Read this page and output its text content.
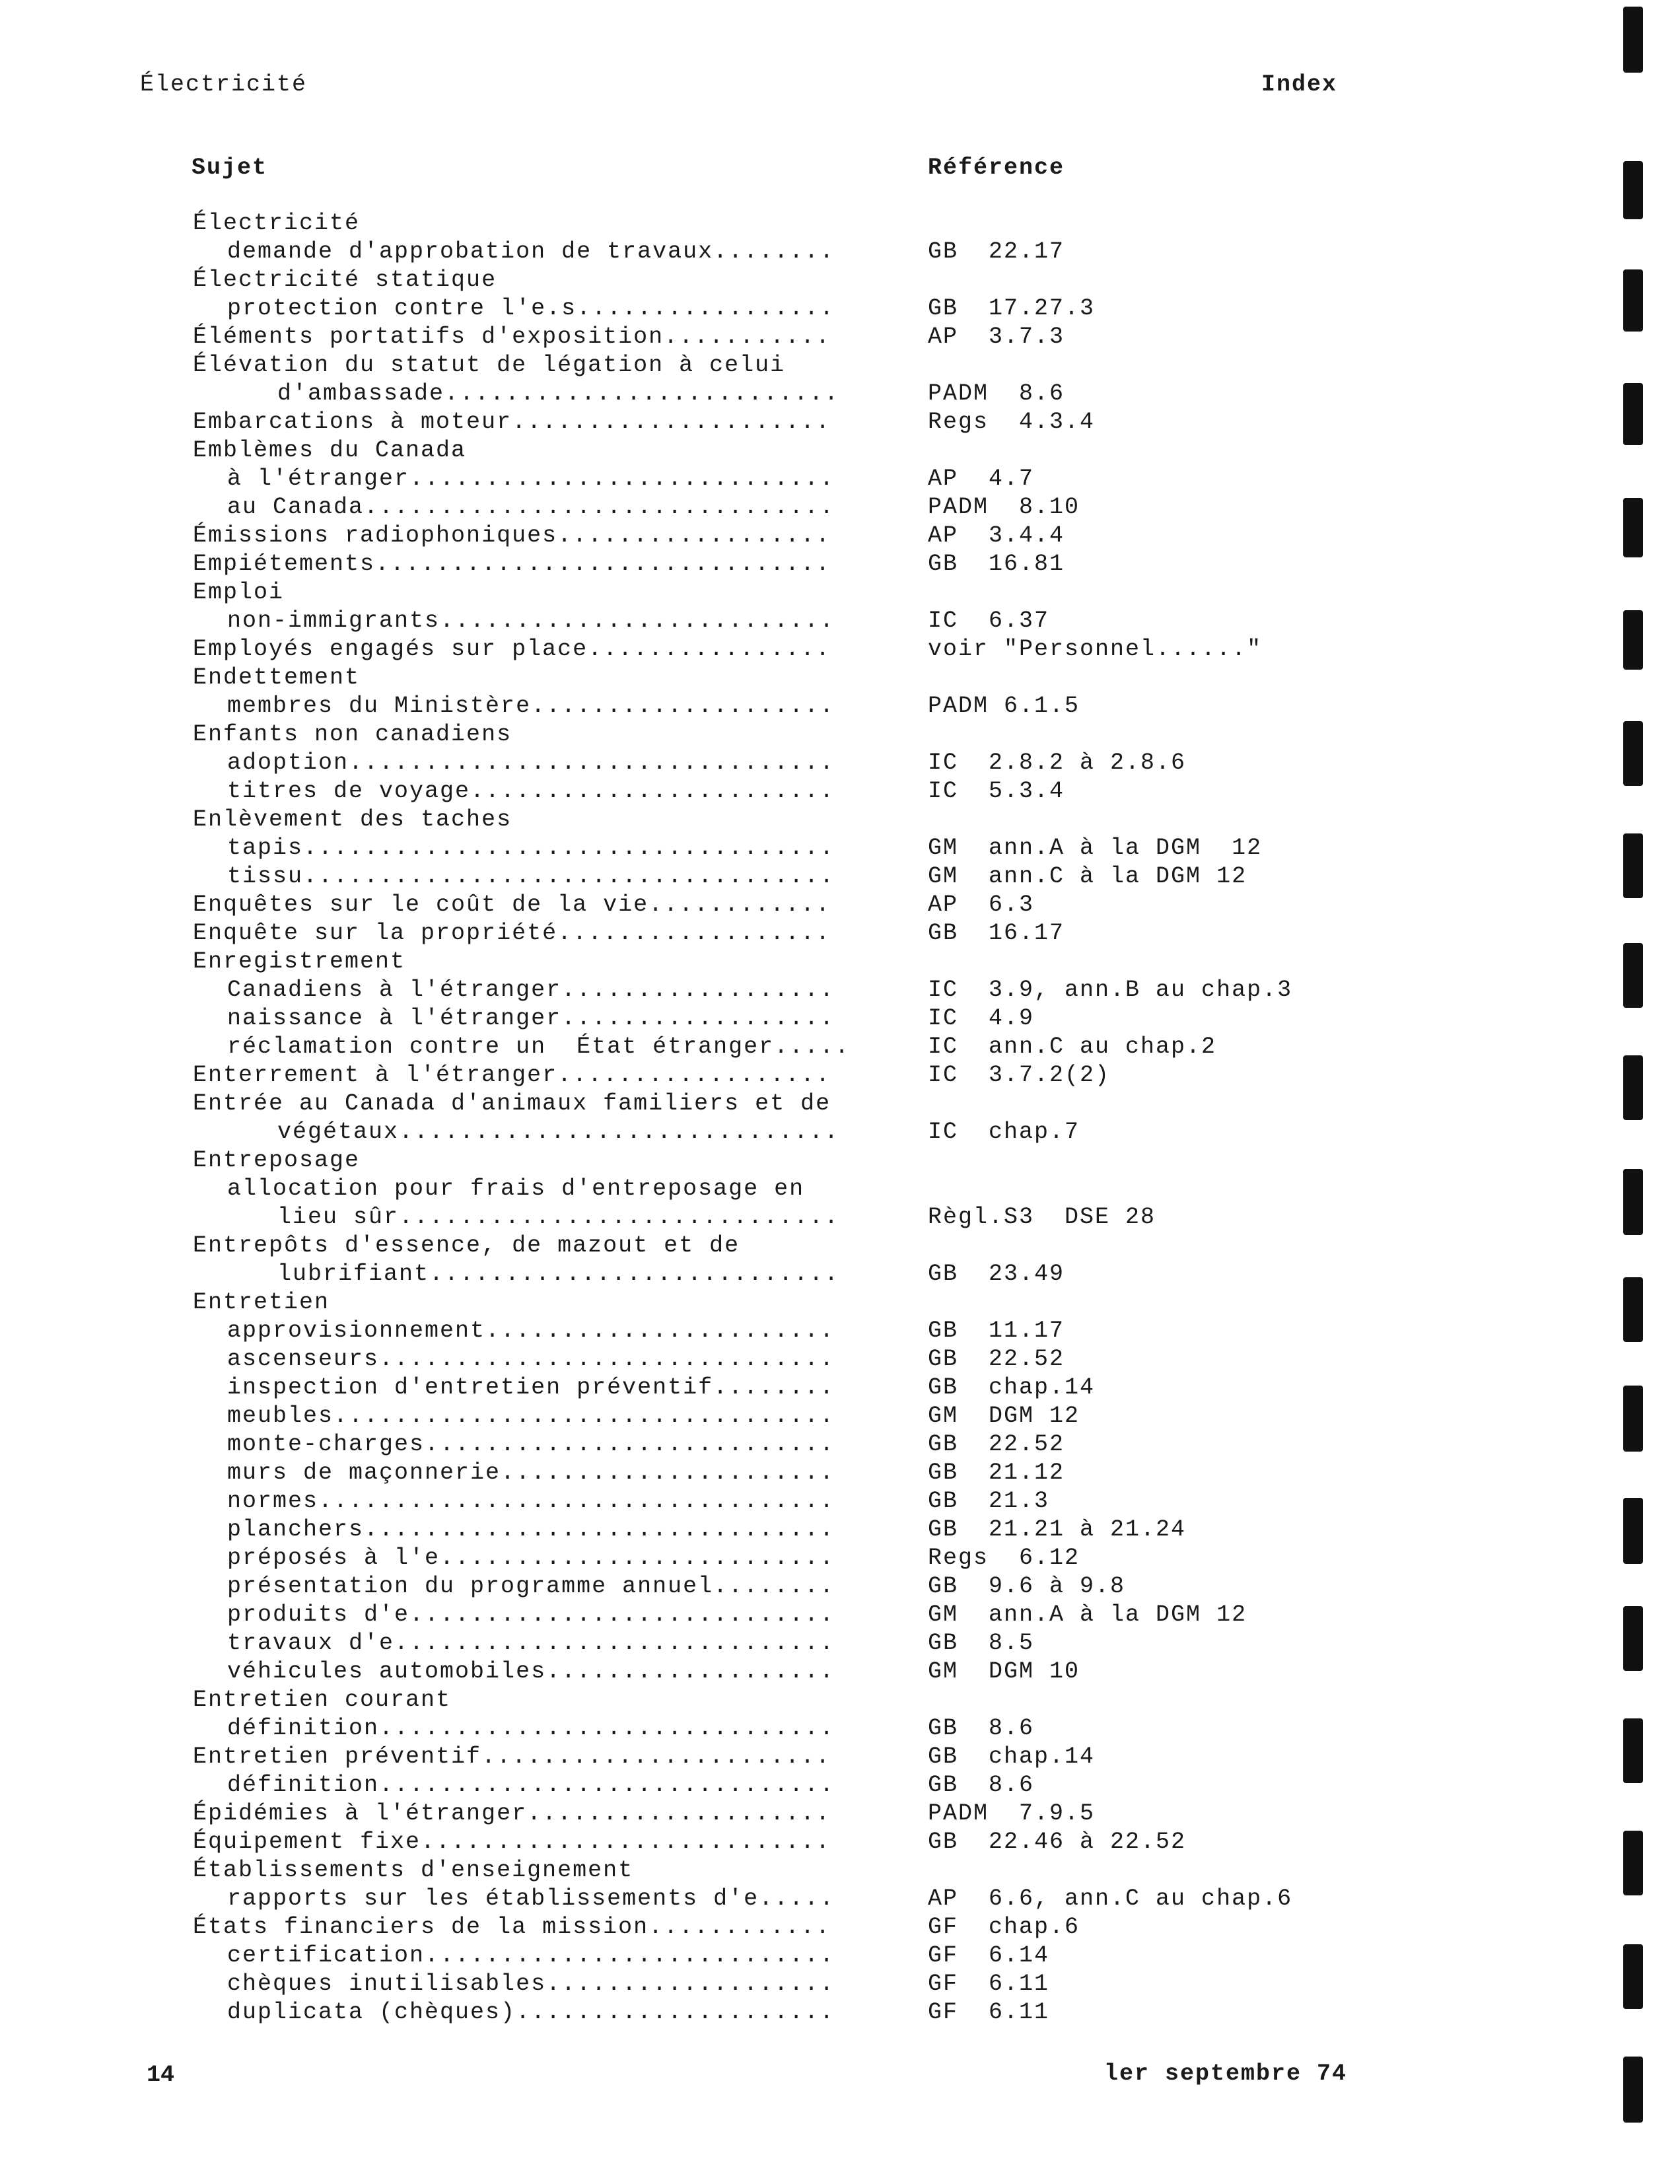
Électricité	Index
Sujet	Référence
Électricité
demande d'approbation de travaux........	GB  22.17
Électricité statique
protection contre l'e.s.................	GB  17.27.3
Éléments portatifs d'exposition...........	AP  3.7.3
Élévation du statut de légation à celui
d'ambassade..........................	PADM  8.6
Embarcations à moteur.....................	Regs  4.3.4
Emblèmes du Canada
à l'étranger............................	AP  4.7
au Canada...............................	PADM  8.10
Émissions radiophoniques..................	AP  3.4.4
Empiétements..............................	GB  16.81
Emploi
non-immigrants..........................	IC  6.37
Employés engagés sur place................	voir "Personnel......"
Endettement
membres du Ministère....................	PADM 6.1.5
Enfants non canadiens
adoption................................	IC  2.8.2 à 2.8.6
titres de voyage........................	IC  5.3.4
Enlèvement des taches
tapis...................................	GM  ann.A à la DGM  12
tissu...................................	GM  ann.C à la DGM 12
Enquêtes sur le coût de la vie............	AP  6.3
Enquête sur la propriété..................	GB  16.17
Enregistrement
Canadiens à l'étranger..................	IC  3.9, ann.B au chap.3
naissance à l'étranger..................	IC  4.9
réclamation contre un  État étranger.....	IC  ann.C au chap.2
Enterrement à l'étranger..................	IC  3.7.2(2)
Entrée au Canada d'animaux familiers et de
végétaux.............................	IC  chap.7
Entreposage
allocation pour frais d'entreposage en
lieu sûr.............................	Règl.S3  DSE 28
Entrepôts d'essence, de mazout et de
lubrifiant...........................	GB  23.49
Entretien
approvisionnement.......................	GB  11.17
ascenseurs..............................	GB  22.52
inspection d'entretien préventif........	GB  chap.14
meubles.................................	GM  DGM 12
monte-charges...........................	GB  22.52
murs de maçonnerie......................	GB  21.12
normes..................................	GB  21.3
planchers...............................	GB  21.21 à 21.24
préposés à l'e..........................	Regs  6.12
présentation du programme annuel........	GB  9.6 à 9.8
produits d'e............................	GM  ann.A à la DGM 12
travaux d'e.............................	GB  8.5
véhicules automobiles...................	GM  DGM 10
Entretien courant
définition..............................	GB  8.6
Entretien préventif.......................	GB  chap.14
définition..............................	GB  8.6
Épidémies à l'étranger....................	PADM  7.9.5
Équipement fixe...........................	GB  22.46 à 22.52
Établissements d'enseignement
rapports sur les établissements d'e.....	AP  6.6, ann.C au chap.6
États financiers de la mission............	GF  chap.6
certification...........................	GF  6.14
chèques inutilisables...................	GF  6.11
duplicata (chèques).....................	GF  6.11
14	ler septembre 74
